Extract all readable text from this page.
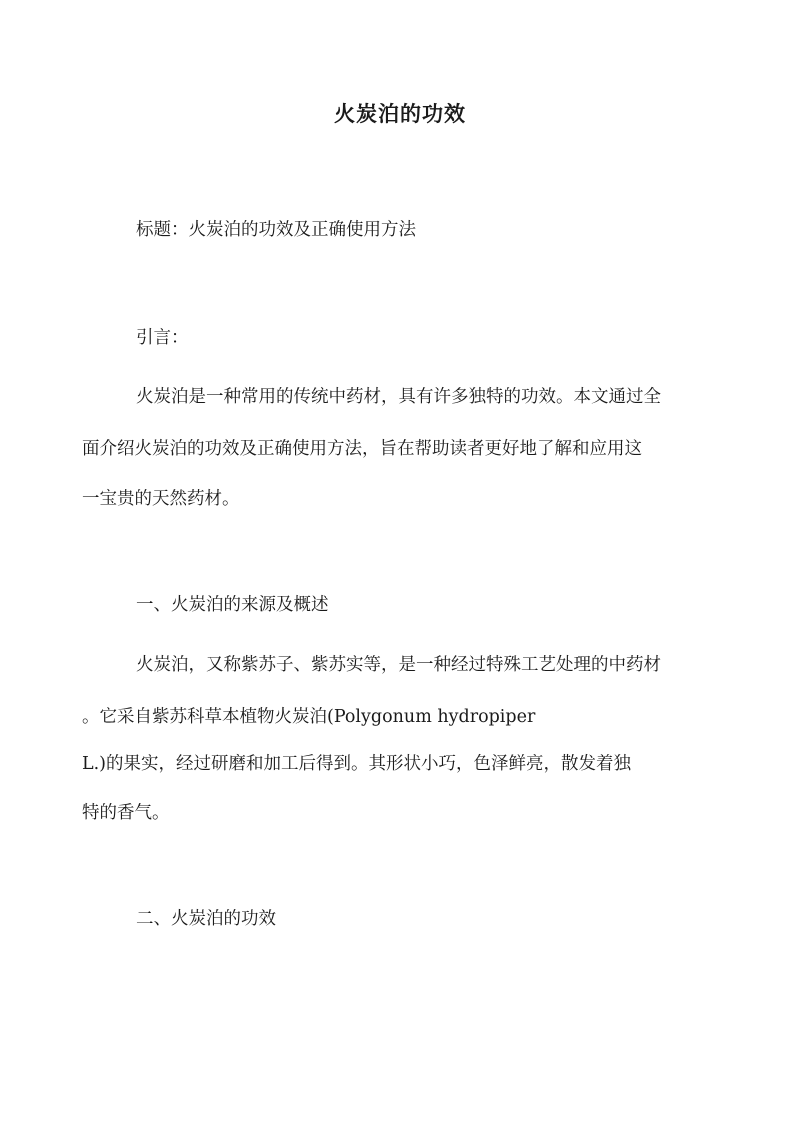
火炭泊的功效
标题：火炭泊的功效及正确使用方法
引言：
火炭泊是一种常用的传统中药材，具有许多独特的功效。本文通过全
面介绍火炭泊的功效及正确使用方法，旨在帮助读者更好地了解和应用这
一宝贵的天然药材。
一、火炭泊的来源及概述
火炭泊，又称紫苏子、紫苏实等，是一种经过特殊工艺处理的中药材
。它采自紫苏科草本植物火炭泊(Polygonum hydropiper
L.)的果实，经过研磨和加工后得到。其形状小巧，色泽鲜亮，散发着独
特的香气。
二、火炭泊的功效
